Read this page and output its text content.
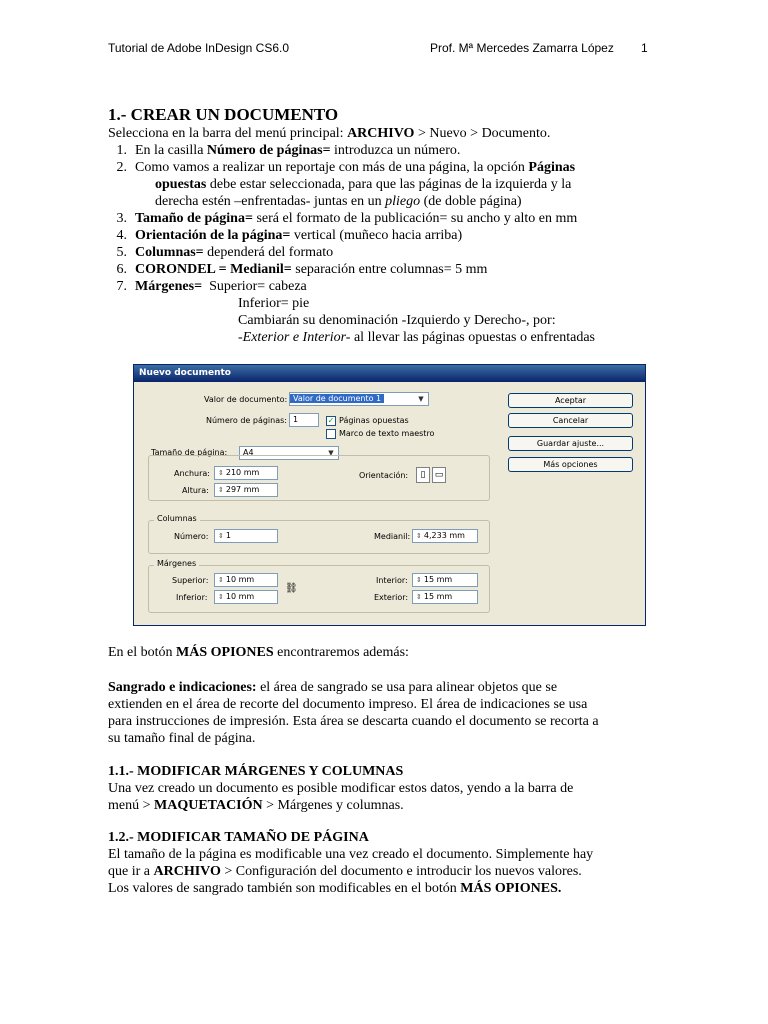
Tutorial de Adobe InDesign CS6.0	Prof. Mª Mercedes Zamarra López 1
1.- CREAR UN DOCUMENTO
Selecciona en la barra del menú principal: ARCHIVO > Nuevo > Documento.
1. En la casilla Número de páginas= introduzca un número.
2. Como vamos a realizar un reportaje con más de una página, la opción Páginas
opuestas debe estar seleccionada, para que las páginas de la izquierda y la
derecha estén –enfrentadas- juntas en un pliego (de doble página)
3. Tamaño de página= será el formato de la publicación= su ancho y alto en mm
4. Orientación de la página= vertical (muñeco hacia arriba)
5. Columnas= dependerá del formato
6. CORONDEL = Medianil= separación entre columnas= 5 mm
7. Márgenes=  Superior= cabeza
Inferior= pie
Cambiarán su denominación -Izquierdo y Derecho-, por:
-Exterior e Interior- al llevar las páginas opuestas o enfrentadas
Nuevo documento
Valor de documento: Valor de documento 1	▼
Número de páginas: 1	✓ Páginas opuestas
Marco de texto maestro
Tamaño de página:	A4	▼
Anchura:	⇕ 210 mm
Altura:	⇕ 297 mm
Orientación:	▯	▭
Columnas
Número:	⇕ 1	Medianil: ⇕ 4,233 mm
Márgenes
Superior:	⇕ 10 mm
Inferior:	⇕ 10 mm
⛓
Interior:	⇕ 15 mm
Exterior:	⇕ 15 mm
Aceptar
Cancelar
Guardar ajuste...
Más opciones
En el botón MÁS OPIONES encontraremos además:
Sangrado e indicaciones: el área de sangrado se usa para alinear objetos que se
extienden en el área de recorte del documento impreso. El área de indicaciones se usa
para instrucciones de impresión. Esta área se descarta cuando el documento se recorta a
su tamaño final de página.
1.1.- MODIFICAR MÁRGENES Y COLUMNAS
Una vez creado un documento es posible modificar estos datos, yendo a la barra de
menú > MAQUETACIÓN > Márgenes y columnas.
1.2.- MODIFICAR TAMAÑO DE PÁGINA
El tamaño de la página es modificable una vez creado el documento. Simplemente hay
que ir a ARCHIVO > Configuración del documento e introducir los nuevos valores.
Los valores de sangrado también son modificables en el botón MÁS OPIONES.
